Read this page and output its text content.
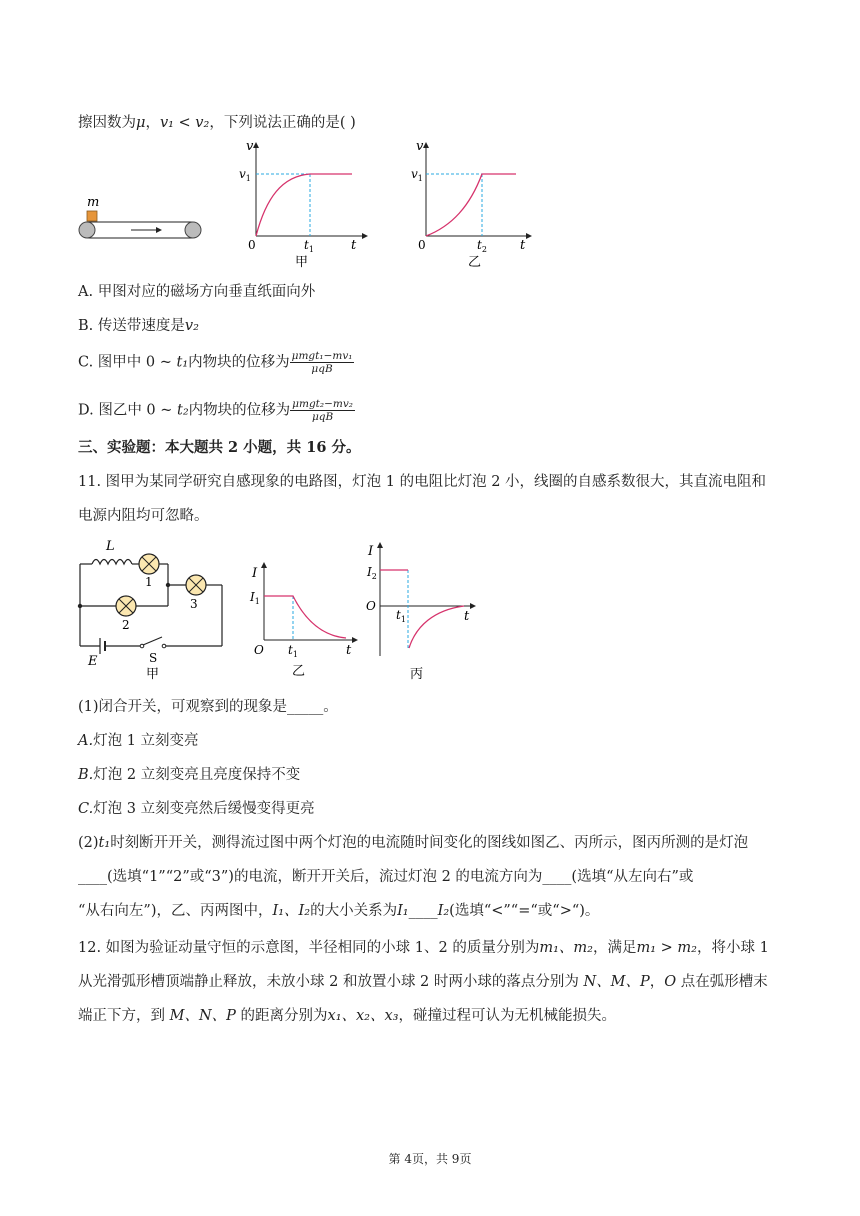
擦因数为μ，v₁ < v₂，下列说法正确的是( )
m
v
$v_1$
0	$t_1$	t
甲
v
$v_1$
0	$t_2$	t
乙
A. 甲图对应的磁场方向垂直纸面向外
B. 传送带速度是v₂
C. 图甲中 0 ~ t₁内物块的位移为 $\frac{\text{μmgt₁−mv₁}}{\text{μqB}}$
D. 图乙中 0 ~ t₂内物块的位移为 $\frac{\text{μmgt₂−mv₂}}{\text{μqB}}$
三、实验题：本大题共 2 小题，共 16 分。
11. 图甲为某同学研究自感现象的电路图，灯泡 1 的电阻比灯泡 2 小，线圈的自感系数很大，其直流电阻和
电源内阻均可忽略。
L
1
2
3
E	S
甲
I
$I_1$
O $t_1$	t
乙
I
$I_2$
O
$t_1$	t
丙
(1)闭合开关，可观察到的现象是_____。
A.灯泡 1 立刻变亮
B.灯泡 2 立刻变亮且亮度保持不变
C.灯泡 3 立刻变亮然后缓慢变得更亮
(2)t₁时刻断开开关，测得流过图中两个灯泡的电流随时间变化的图线如图乙、丙所示，图丙所测的是灯泡
____(选填“1”“2”或“3”)的电流，断开开关后，流过灯泡 2 的电流方向为____(选填“从左向右”或
“从右向左”)，乙、丙两图中，I₁、I₂的大小关系为I₁____I₂(选填“<”“=“或“>“)。
12. 如图为验证动量守恒的示意图，半径相同的小球 1、2 的质量分别为m₁、m₂，满足m₁ > m₂，将小球 1
从光滑弧形槽顶端静止释放，未放小球 2 和放置小球 2 时两小球的落点分别为 N、M、P，O 点在弧形槽末
端正下方，到 M、N、P 的距离分别为x₁、x₂、x₃，碰撞过程可认为无机械能损失。
第 4页，共 9页
